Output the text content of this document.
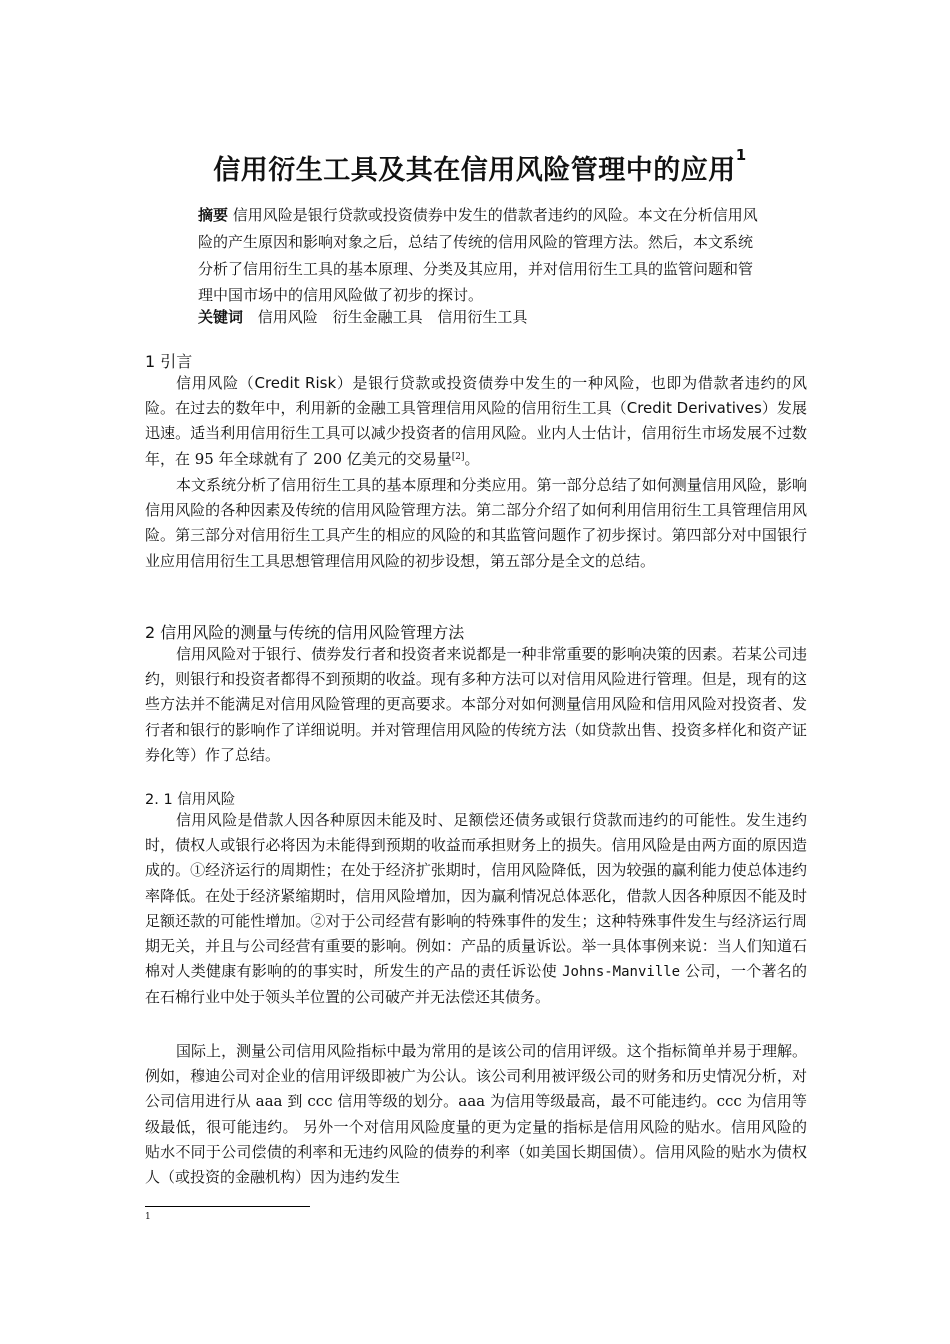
信用衍生工具及其在信用风险管理中的应用$^1$
摘要 信用风险是银行贷款或投资债券中发生的借款者违约的风险。本文在分析信用风险的产生原因和影响对象之后，总结了传统的信用风险的管理方法。然后，本文系统分析了信用衍生工具的基本原理、分类及其应用，并对信用衍生工具的监管问题和管理中国市场中的信用风险做了初步的探讨。
关键词 信用风险 衍生金融工具 信用衍生工具
1 引言
信用风险（Credit Risk）是银行贷款或投资债券中发生的一种风险，也即为借款者违约的风险。在过去的数年中，利用新的金融工具管理信用风险的信用衍生工具（Credit Derivatives）发展迅速。适当利用信用衍生工具可以减少投资者的信用风险。业内人士估计，信用衍生市场发展不过数年，在 95 年全球就有了 200 亿美元的交易量[2]。
本文系统分析了信用衍生工具的基本原理和分类应用。第一部分总结了如何测量信用风险，影响信用风险的各种因素及传统的信用风险管理方法。第二部分介绍了如何利用信用衍生工具管理信用风险。第三部分对信用衍生工具产生的相应的风险的和其监管问题作了初步探讨。第四部分对中国银行业应用信用衍生工具思想管理信用风险的初步设想，第五部分是全文的总结。
2 信用风险的测量与传统的信用风险管理方法
信用风险对于银行、债券发行者和投资者来说都是一种非常重要的影响决策的因素。若某公司违约，则银行和投资者都得不到预期的收益。现有多种方法可以对信用风险进行管理。但是，现有的这些方法并不能满足对信用风险管理的更高要求。本部分对如何测量信用风险和信用风险对投资者、发行者和银行的影响作了详细说明。并对管理信用风险的传统方法（如贷款出售、投资多样化和资产证券化等）作了总结。
2. 1 信用风险
信用风险是借款人因各种原因未能及时、足额偿还债务或银行贷款而违约的可能性。发生违约时，债权人或银行必将因为未能得到预期的收益而承担财务上的损失。信用风险是由两方面的原因造成的。①经济运行的周期性；在处于经济扩张期时，信用风险降低，因为较强的赢利能力使总体违约率降低。在处于经济紧缩期时，信用风险增加，因为赢利情况总体恶化，借款人因各种原因不能及时足额还款的可能性增加。②对于公司经营有影响的特殊事件的发生；这种特殊事件发生与经济运行周期无关，并且与公司经营有重要的影响。例如：产品的质量诉讼。举一具体事例来说：当人们知道石棉对人类健康有影响的的事实时，所发生的产品的责任诉讼使 Johns-Manville 公司，一个著名的在石棉行业中处于领头羊位置的公司破产并无法偿还其债务。
国际上，测量公司信用风险指标中最为常用的是该公司的信用评级。这个指标简单并易于理解。例如，穆迪公司对企业的信用评级即被广为公认。该公司利用被评级公司的财务和历史情况分析，对公司信用进行从 aaa 到 ccc 信用等级的划分。aaa 为信用等级最高，最不可能违约。ccc 为信用等级最低，很可能违约。 另外一个对信用风险度量的更为定量的指标是信用风险的贴水。信用风险的贴水不同于公司偿债的利率和无违约风险的债券的利率（如美国长期国债）。信用风险的贴水为债权人（或投资的金融机构）因为违约发生
1
